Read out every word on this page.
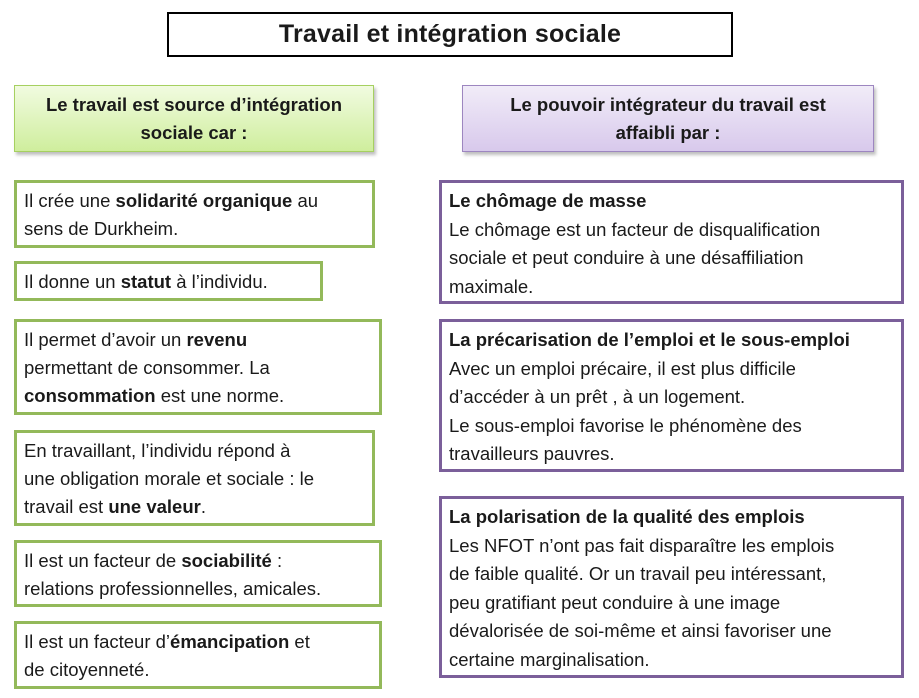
Travail et intégration sociale
Le travail est source d’intégration
sociale car :
Le pouvoir intégrateur du travail est
affaibli par :
Il crée une solidarité organique au
sens de Durkheim.
Il donne un statut à l’individu.
Il permet d’avoir un revenu
permettant de consommer. La
consommation est une norme.
En travaillant, l’individu répond à
une obligation morale et sociale : le
travail est une valeur.
Il est un facteur de sociabilité :
relations professionnelles, amicales.
Il est un facteur d’émancipation et
de citoyenneté.
Le chômage de masse
Le chômage est un facteur de disqualification
sociale et peut conduire à une désaffiliation
maximale.
La précarisation de l’emploi et le sous-emploi
Avec un emploi précaire, il est plus difficile
d’accéder à un prêt , à un logement.
Le sous-emploi favorise le phénomène des
travailleurs pauvres.
La polarisation de la qualité des emplois
Les NFOT n’ont pas fait disparaître les emplois
de faible qualité. Or un travail peu intéressant,
peu gratifiant peut conduire à une image
dévalorisée de soi-même et ainsi favoriser une
certaine marginalisation.
